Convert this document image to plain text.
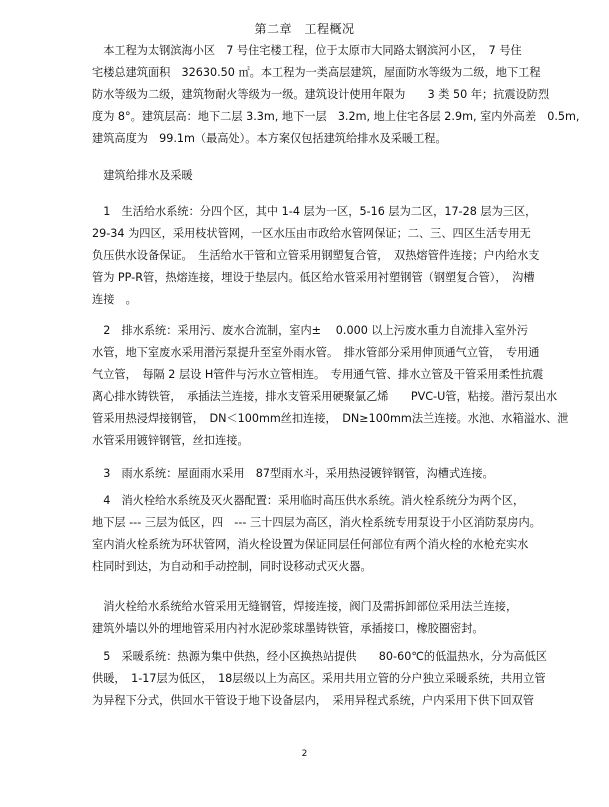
第二章　工程概况

　本工程为太钢滨海小区　7 号住宅楼工程，位于太原市大同路太钢滨河小区，　7 号住
宅楼总建筑面积　32630.50 ㎡。本工程为一类高层建筑，屋面防水等级为二级，地下工程
防水等级为二级，建筑物耐火等级为一级。建筑设计使用年限为　　3 类 50 年；抗震设防烈
度为 8°。建筑层高：地下二层 3.3m, 地下一层　3.2m, 地上住宅各层 2.9m, 室内外高差　0.5m,
建筑高度为　99.1m（最高处）。本方案仅包括建筑给排水及采暖工程。

　建筑给排水及采暖

　1　生活给水系统：分四个区，其中 1-4 层为一区，5-16 层为二区，17-28 层为三区，
29-34 为四区，采用枝状管网，一区水压由市政给水管网保证；二、三、四区生活专用无
负压供水设备保证。　生活给水干管和立管采用钢塑复合管，　双热熔管件连接；户内给水支
管为 PP-R管，热熔连接，埋设于垫层内。低区给水管采用衬塑钢管（钢塑复合管），　沟槽
连接　。

　2　排水系统：采用污、废水合流制，室内±　 0.000 以上污废水重力自流排入室外污
水管，地下室废水采用潜污泵提升至室外雨水管。　排水管部分采用伸顶通气立管，　专用通
气立管，　每隔 2 层设 H管件与污水立管相连。　专用通气管、排水立管及干管采用柔性抗震
离心排水铸铁管，　承插法兰连接，排水支管采用硬聚氯乙烯　　PVC-U管，粘接。潜污泵出水
管采用热浸焊接钢管，　DN＜100mm丝扣连接，　DN≥100mm法兰连接。水池、水箱溢水、泄
水管采用镀锌钢管，丝扣连接。

　3　雨水系统：屋面雨水采用　87型雨水斗，采用热浸镀锌钢管，沟槽式连接。

　4　消火栓给水系统及灭火器配置：采用临时高压供水系统。消火栓系统分为两个区，
地下层 --- 三层为低区，四　--- 三十四层为高区，消火栓系统专用泵设于小区消防泵房内。
室内消火栓系统为环状管网，消火栓设置为保证同层任何部位有两个消火栓的水枪充实水
柱同时到达，为自动和手动控制，同时设移动式灭火器。

　消火栓给水系统给水管采用无缝钢管，焊接连接，阀门及需拆卸部位采用法兰连接，
建筑外墙以外的埋地管采用内衬水泥砂浆球墨铸铁管，承插接口，橡胶圈密封。

　5　采暖系统：热源为集中供热，经小区换热站提供　　80-60℃的低温热水，分为高低区
供暖，　1-17层为低区，　18层级以上为高区。采用共用立管的分户独立采暖系统，共用立管
为异程下分式，供回水干管设于地下设备层内，　采用异程式系统，户内采用下供下回双管

2
